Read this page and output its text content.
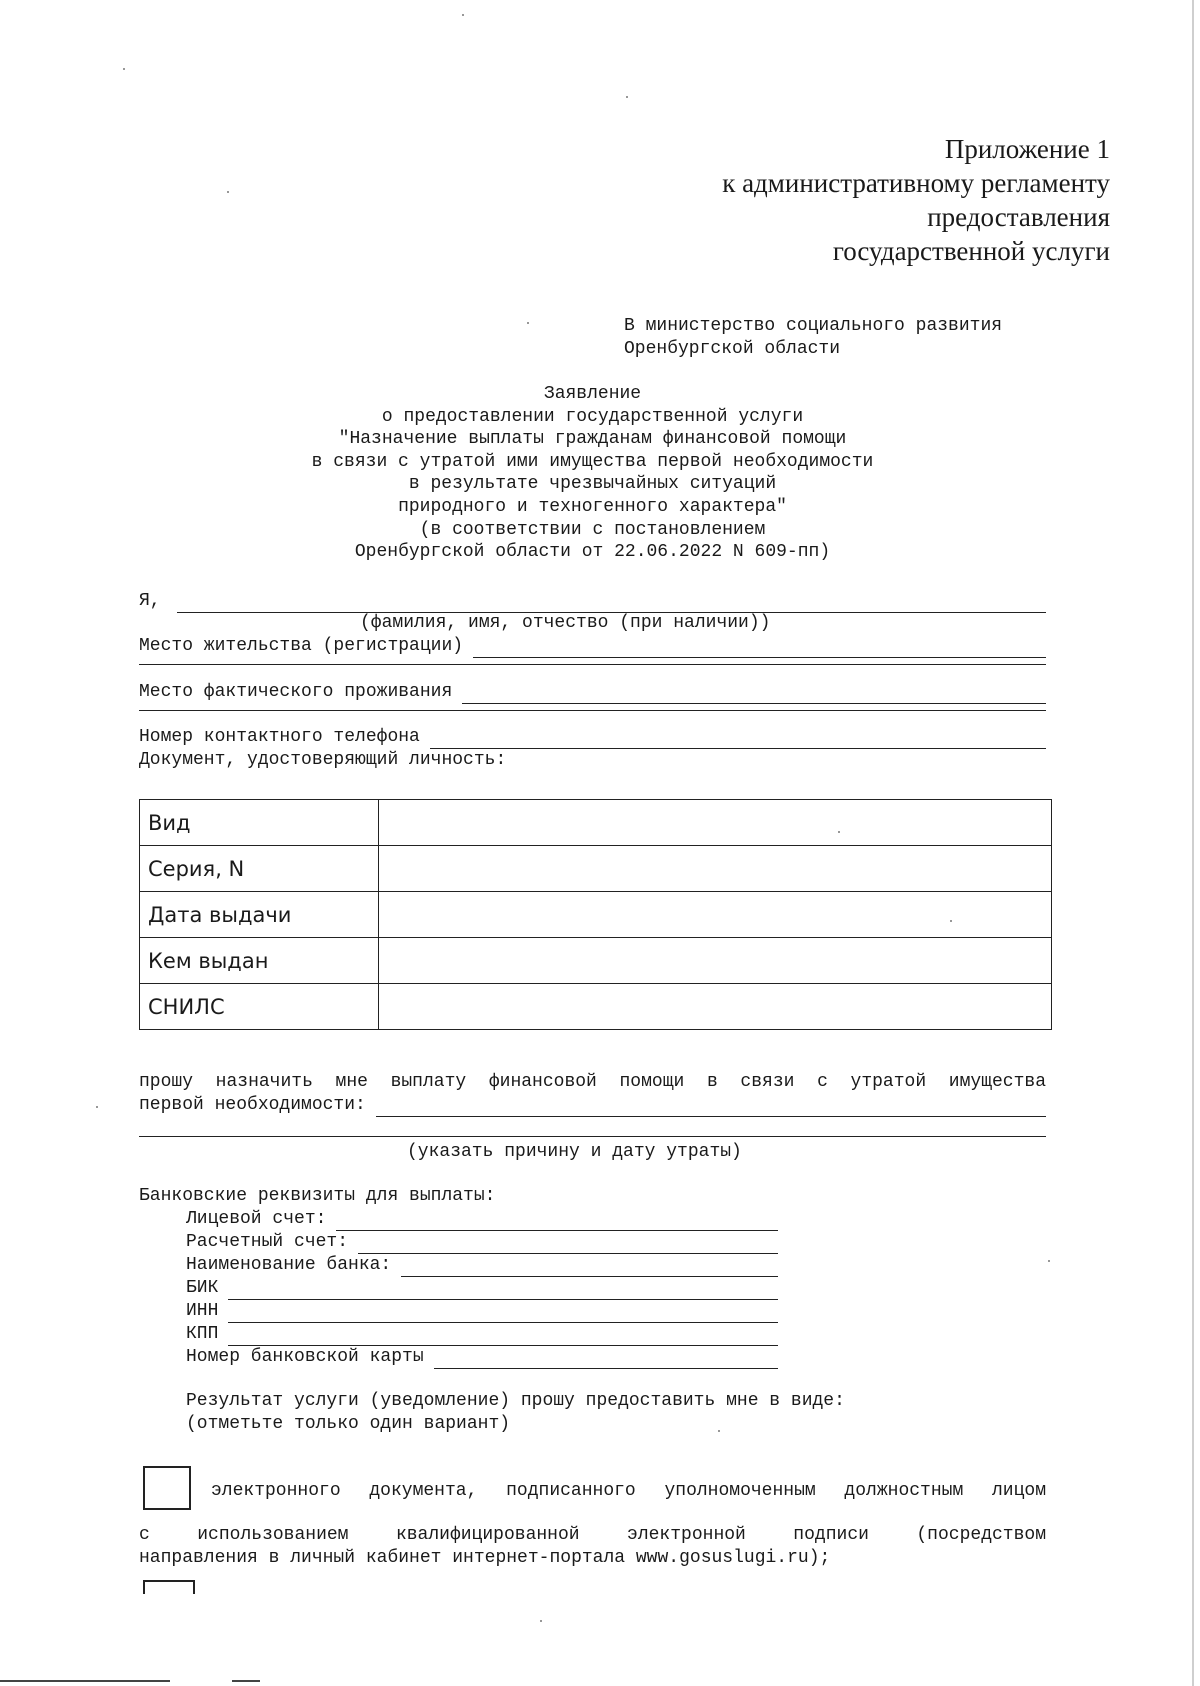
Приложение 1
к административному регламенту
предоставления
государственной услуги
В министерство социального развития
Оренбургской области
Заявление
о предоставлении государственной услуги
"Назначение выплаты гражданам финансовой помощи
в связи с утратой ими имущества первой необходимости
в результате чрезвычайных ситуаций
природного и техногенного характера"
(в соответствии с постановлением
Оренбургской области от 22.06.2022 N 609-пп)
Я,
(фамилия, имя, отчество (при наличии))
Место жительства (регистрации)
Место фактического проживания
Номер контактного телефона
Документ, удостоверяющий личность:
Вид	
Серия, N	
Дата выдачи	
Кем выдан	
СНИЛС	
прошу назначить мне выплату финансовой помощи в связи с утратой имущества
первой необходимости:
(указать причину и дату утраты)
Банковские реквизиты для выплаты:
Лицевой счет:
Расчетный счет:
Наименование банка:
БИК
ИНН
КПП
Номер банковской карты
Результат услуги (уведомление) прошу предоставить мне в виде:
(отметьте только один вариант)
электронного документа, подписанного уполномоченным должностным лицом
с использованием квалифицированной электронной подписи (посредством
направления в личный кабинет интернет-портала www.gosuslugi.ru);
